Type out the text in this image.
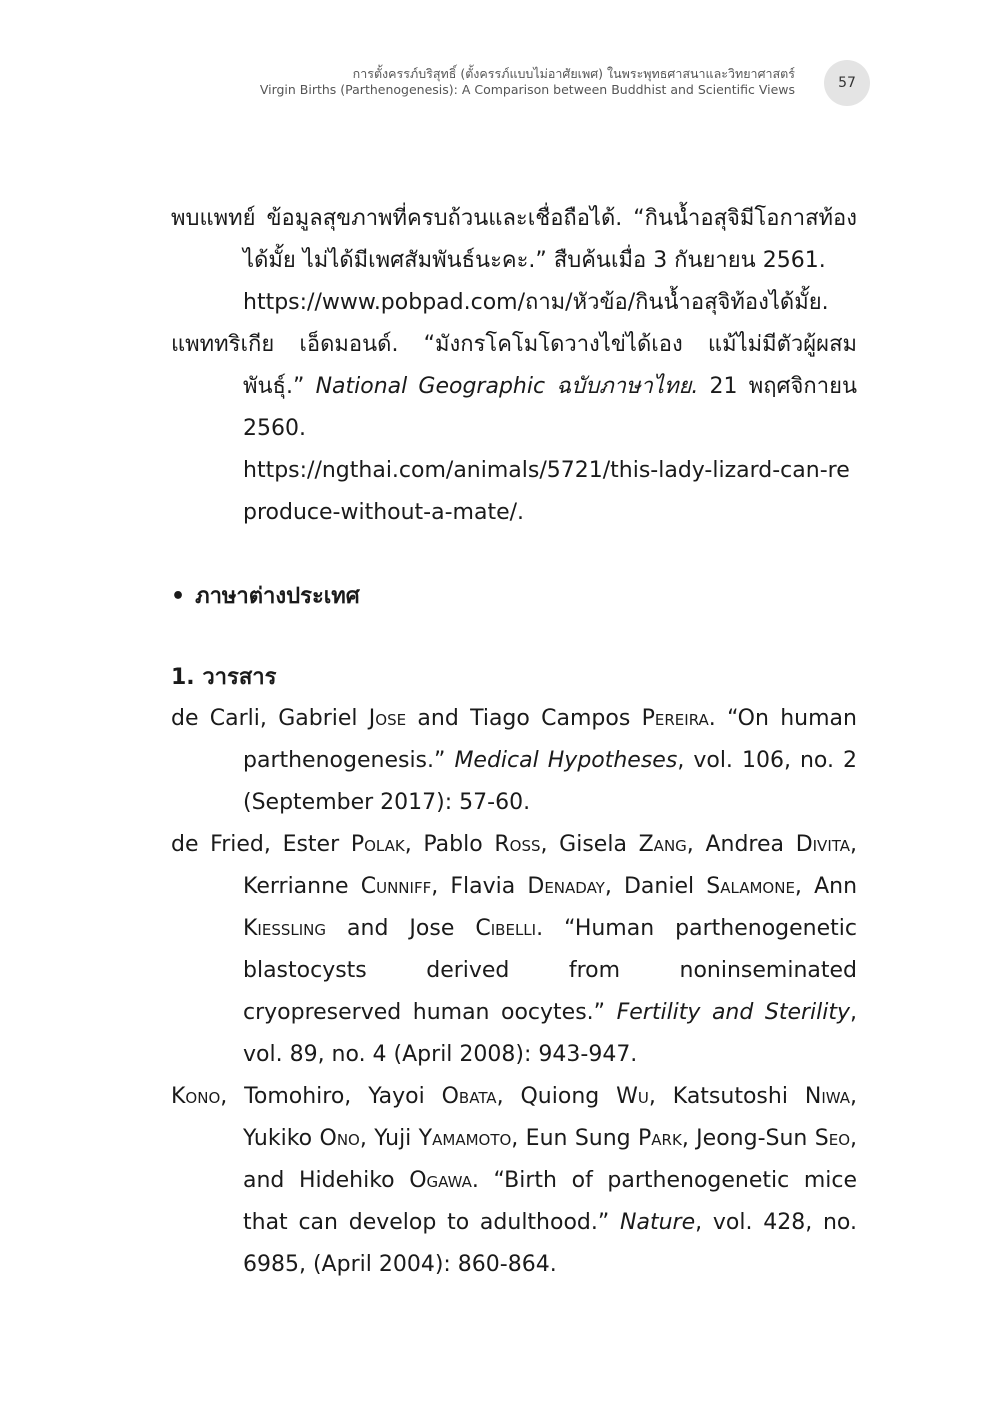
การตั้งครรภ์บริสุทธิ์ (ตั้งครรภ์แบบไม่อาศัยเพศ) ในพระพุทธศาสนาและวิทยาศาสตร์
Virgin Births (Parthenogenesis): A Comparison between Buddhist and Scientific Views	57
พบแพทย์ ข้อมูลสุขภาพที่ครบถ้วนและเชื่อถือได้. “กินน้ำอสุจิมีโอกาสท้องได้มั้ย ไม่ได้มีเพศสัมพันธ์นะคะ.” สืบค้นเมื่อ 3 กันยายน 2561.
https://www.pobpad.com/ถาม/หัวข้อ/กินน้ำอสุจิท้องได้มั้ย.
แพททริเกีย เอ็ดมอนด์. “มังกรโคโมโดวางไข่ได้เอง แม้ไม่มีตัวผู้ผสมพันธุ์.” National Geographic ฉบับภาษาไทย. 21 พฤศจิกายน 2560.
https://ngthai.com/animals/5721/this-lady-lizard-can-reproduce-without-a-mate/.
• ภาษาต่างประเทศ
1. วารสาร
de Carli, Gabriel Jose and Tiago Campos Pereira. “On human parthenogenesis.” Medical Hypotheses, vol. 106, no. 2 (September 2017): 57-60.
de Fried, Ester Polak, Pablo Ross, Gisela Zang, Andrea Divita, Kerrianne Cunniff, Flavia Denaday, Daniel Salamone, Ann Kiessling and Jose Cibelli. “Human parthenogenetic blastocysts derived from noninseminated cryopreserved human oocytes.” Fertility and Sterility, vol. 89, no. 4 (April 2008): 943-947.
Kono, Tomohiro, Yayoi Obata, Quiong Wu, Katsutoshi Niwa, Yukiko Ono, Yuji Yamamoto, Eun Sung Park, Jeong-Sun Seo, and Hidehiko Ogawa. “Birth of parthenogenetic mice that can develop to adulthood.” Nature, vol. 428, no. 6985, (April 2004): 860-864.
